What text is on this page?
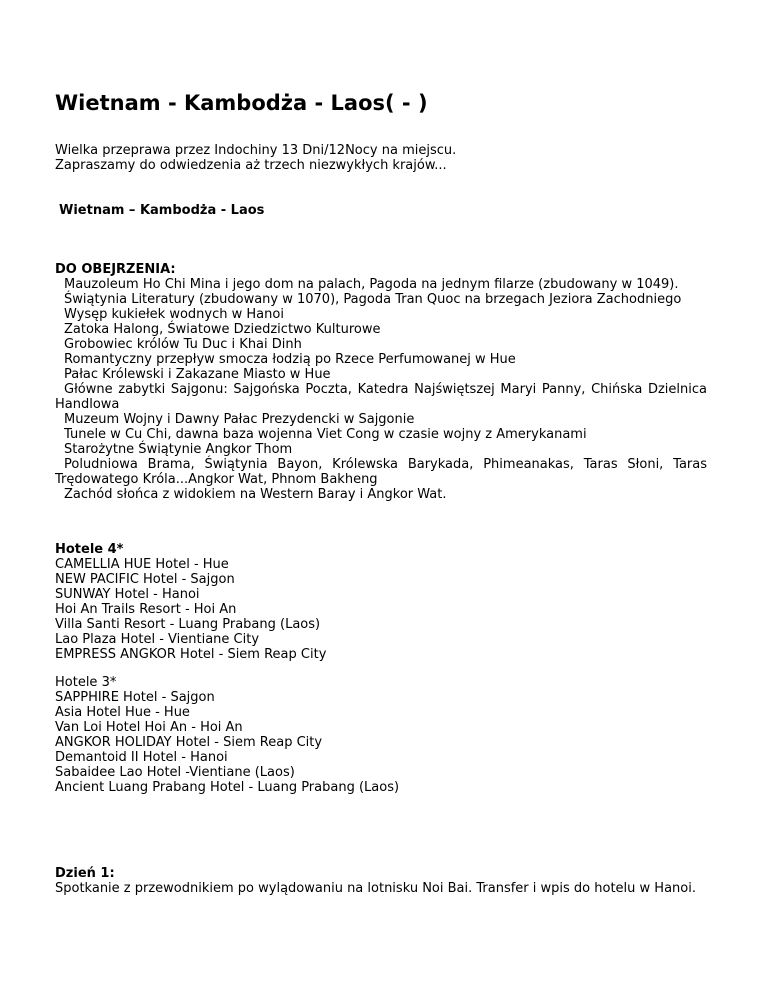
Wietnam - Kambodża - Laos( - )

Wielka przeprawa przez Indochiny 13 Dni/12Nocy na miejscu.

Zapraszamy do odwiedzenia aż trzech niezwykłych krajów...

Wietnam – Kambodża - Laos

DO OBEJRZENIA:

Mauzoleum Ho Chi Mina i jego dom na palach, Pagoda na jednym filarze (zbudowany w 1049).

Świątynia Literatury (zbudowany w 1070), Pagoda Tran Quoc na brzegach Jeziora Zachodniego

Wysęp kukiełek wodnych w Hanoi

Zatoka Halong, Światowe Dziedzictwo Kulturowe

Grobowiec królów Tu Duc i Khai Dinh

Romantyczny przepływ smocza łodzią po Rzece Perfumowanej w Hue

Pałac Królewski i Zakazane Miasto w Hue

Główne zabytki Sajgonu: Sajgońska Poczta, Katedra Najświętszej Maryi Panny, Chińska Dzielnica Handlowa

Muzeum Wojny i Dawny Pałac Prezydencki w Sajgonie

Tunele w Cu Chi, dawna baza wojenna Viet Cong w czasie wojny z Amerykanami

Starożytne Świątynie Angkor Thom

Poludniowa Brama, Świątynia Bayon, Królewska Barykada, Phimeanakas, Taras Słoni, Taras Trędowatego Króla...Angkor Wat, Phnom Bakheng

Zachód słońca z widokiem na Western Baray i Angkor Wat.

Hotele 4*

CAMELLIA HUE Hotel - Hue

NEW PACIFIC Hotel - Sajgon

SUNWAY Hotel - Hanoi

Hoi An Trails Resort - Hoi An

Villa Santi Resort - Luang Prabang (Laos)

Lao Plaza Hotel - Vientiane City

EMPRESS ANGKOR Hotel - Siem Reap City

Hotele 3*

SAPPHIRE Hotel - Sajgon

Asia Hotel Hue - Hue

Van Loi Hotel Hoi An - Hoi An

ANGKOR HOLIDAY Hotel - Siem Reap City

Demantoid II Hotel - Hanoi

Sabaidee Lao Hotel -Vientiane (Laos)

Ancient Luang Prabang Hotel - Luang Prabang (Laos)

Dzień 1:

Spotkanie z przewodnikiem po wylądowaniu na lotnisku Noi Bai. Transfer i wpis do hotelu w Hanoi.
